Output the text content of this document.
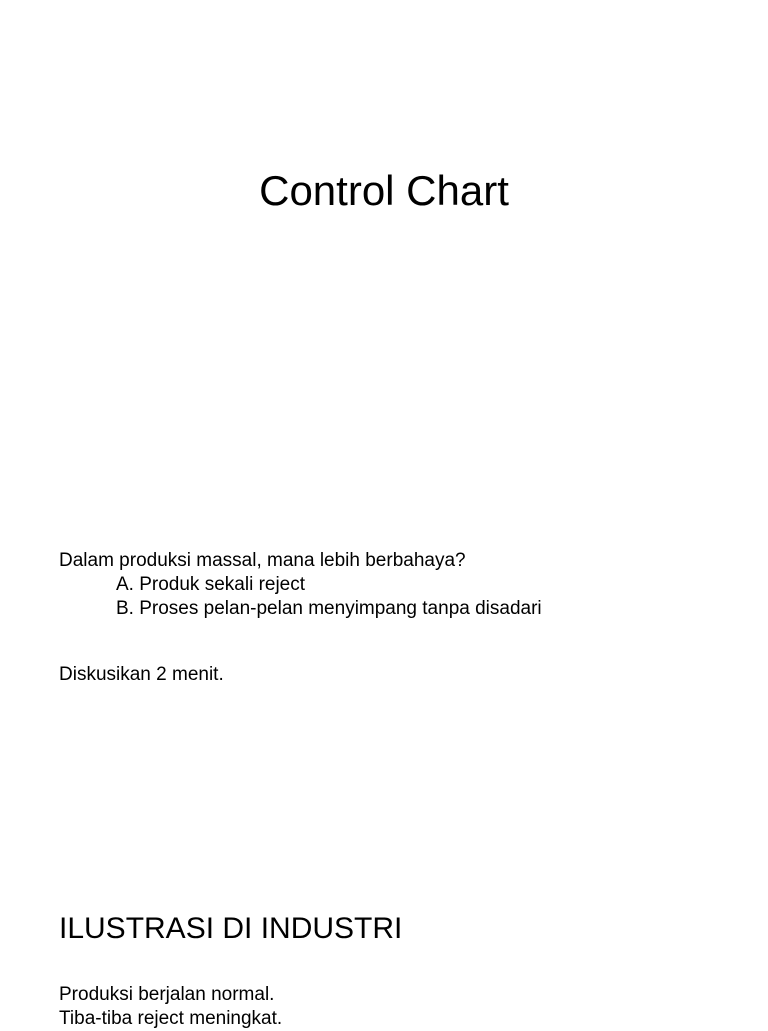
Control Chart

Dalam produksi massal, mana lebih berbahaya?

A. Produk sekali reject

B. Proses pelan-pelan menyimpang tanpa disadari

Diskusikan 2 menit.

ILUSTRASI DI INDUSTRI

Produksi berjalan normal.

Tiba-tiba reject meningkat.
